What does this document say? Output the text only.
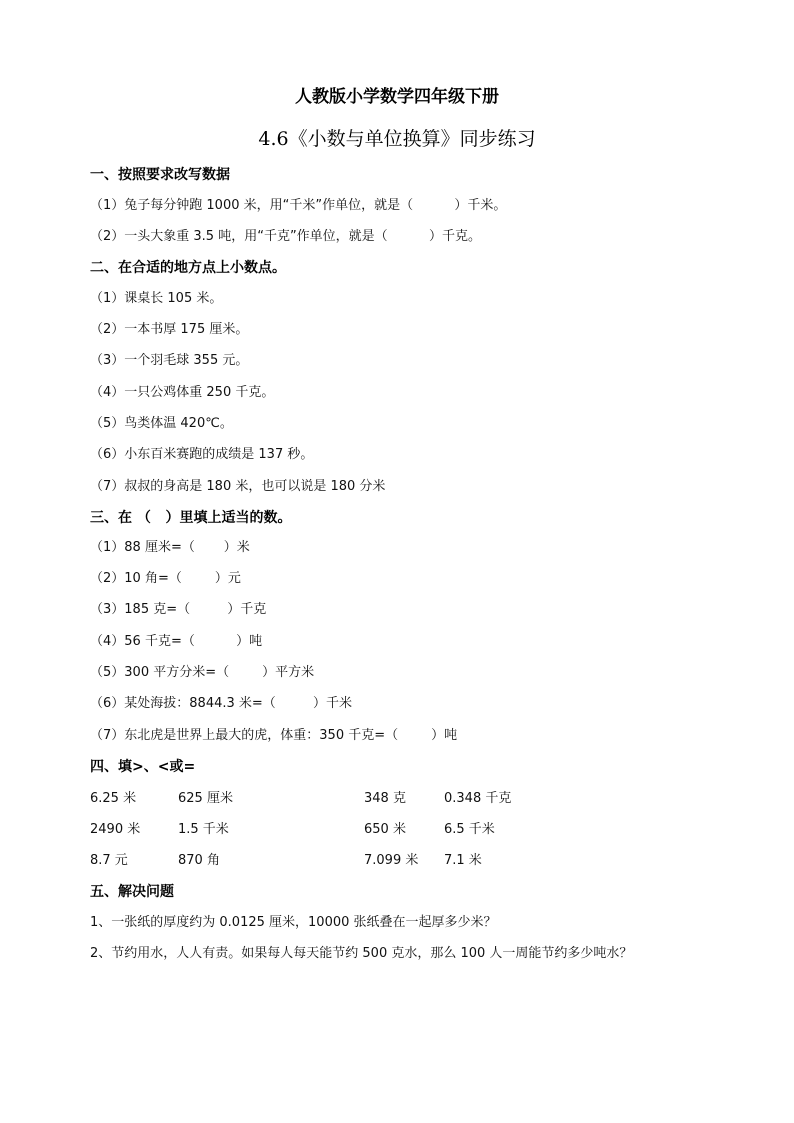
人教版小学数学四年级下册
4.6《小数与单位换算》同步练习
一、按照要求改写数据
（1）兔子每分钟跑 1000 米，用“千米”作单位，就是（          ）千米。
（2）一头大象重 3.5 吨，用“千克”作单位，就是（          ）千克。
二、在合适的地方点上小数点。
（1）课桌长 105 米。
（2）一本书厚 175 厘米。
（3）一个羽毛球 355 元。
（4）一只公鸡体重 250 千克。
（5）鸟类体温 420℃。
（6）小东百米赛跑的成绩是 137 秒。
（7）叔叔的身高是 180 米，也可以说是 180 分米
三、在 （   ）里填上适当的数。
（1）88 厘米=（       ）米
（2）10 角=（        ）元
（3）185 克=（         ）千克
（4）56 千克=（          ）吨
（5）300 平方分米=（        ）平方米
（6）某处海拔：8844.3 米=（         ）千米
（7）东北虎是世界上最大的虎，体重：350 千克=（        ）吨
四、填>、<或=
6.25 米	625 厘米	348 克	0.348 千克
2490 米	1.5 千米	650 米	6.5 千米
8.7 元	870 角	7.099 米 7.1 米
五、解决问题
1、一张纸的厚度约为 0.0125 厘米，10000 张纸叠在一起厚多少米？
2、节约用水，人人有责。如果每人每天能节约 500 克水，那么 100 人一周能节约多少吨水？
